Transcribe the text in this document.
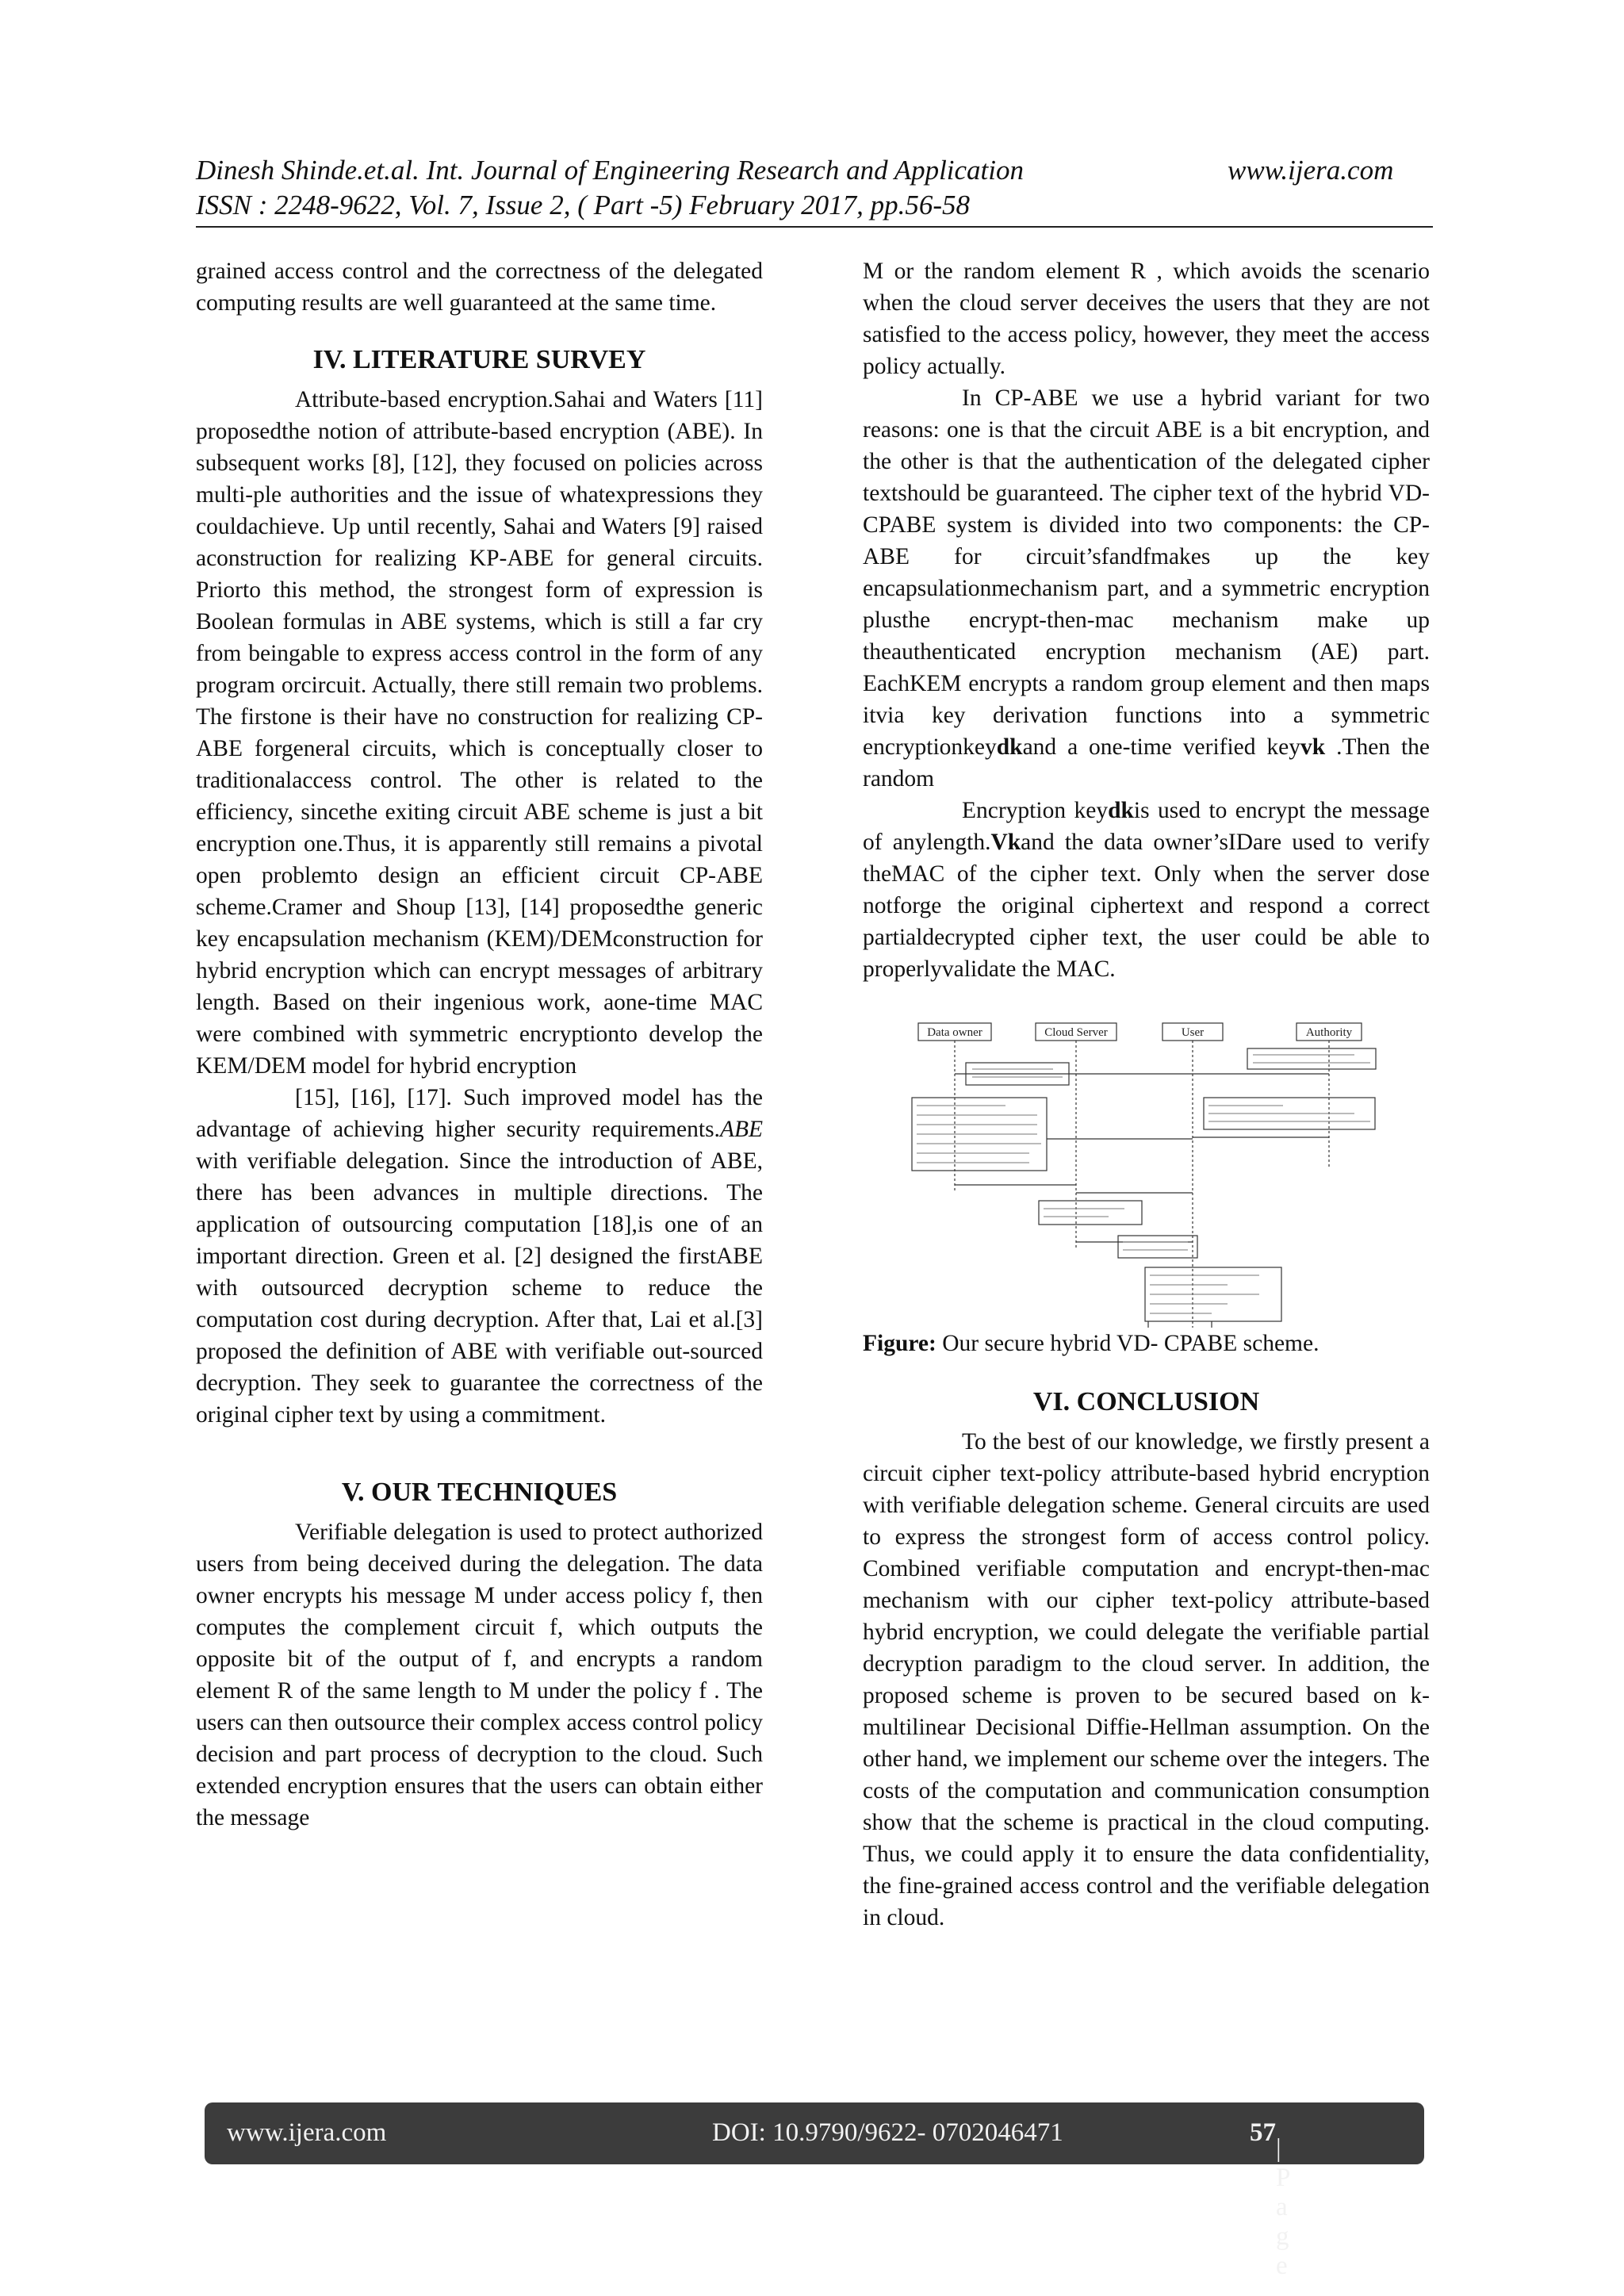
Dinesh Shinde.et.al. Int. Journal of Engineering Research and Application	www.ijera.com
ISSN : 2248-9622, Vol. 7, Issue 2, ( Part -5) February 2017, pp.56-58

grained access control and the correctness of the delegated computing results are well guaranteed at the same time.

IV. LITERATURE SURVEY

Attribute-based encryption.Sahai and Waters [11] proposedthe notion of attribute-based encryption (ABE). In subsequent works [8], [12], they focused on policies across multi-ple authorities and the issue of whatexpressions they couldachieve. Up until recently, Sahai and Waters [9] raised aconstruction for realizing KP-ABE for general circuits. Priorto this method, the strongest form of expression is Boolean formulas in ABE systems, which is still a far cry from beingable to express access control in the form of any program orcircuit. Actually, there still remain two problems. The firstone is their have no construction for realizing CP-ABE forgeneral circuits, which is conceptually closer to traditionalaccess control. The other is related to the efficiency, sincethe exiting circuit ABE scheme is just a bit encryption one.Thus, it is apparently still remains a pivotal open problemto design an efficient circuit CP-ABE scheme.Cramer and Shoup [13], [14] proposedthe generic key encapsulation mechanism (KEM)/DEMconstruction for hybrid encryption which can encrypt messages of arbitrary length. Based on their ingenious work, aone-time MAC were combined with symmetric encryptionto develop the KEM/DEM model for hybrid encryption

[15], [16], [17]. Such improved model has the advantage of achieving higher security requirements.ABE with verifiable delegation. Since the introduction of ABE, there has been advances in multiple directions. The application of outsourcing computation [18],is one of an important direction. Green et al. [2] designed the firstABE with outsourced decryption scheme to reduce the computation cost during decryption. After that, Lai et al.[3] proposed the definition of ABE with verifiable out-sourced decryption. They seek to guarantee the correctness of the original cipher text by using a commitment.

V. OUR TECHNIQUES

Verifiable delegation is used to protect authorized users from being deceived during the delegation. The data owner encrypts his message M under access policy f, then computes the complement circuit f, which outputs the opposite bit of the output of f, and encrypts a random element R of the same length to M under the policy f . The users can then outsource their complex access control policy decision and part process of decryption to the cloud. Such extended encryption ensures that the users can obtain either the message

M or the random element R , which avoids the scenario when the cloud server deceives the users that they are not satisfied to the access policy, however, they meet the access policy actually.

In CP-ABE we use a hybrid variant for two reasons: one is that the circuit ABE is a bit encryption, and the other is that the authentication of the delegated cipher textshould be guaranteed. The cipher text of the hybrid VD-CPABE system is divided into two components: the CP- ABE for circuit’sfandfmakes up the key encapsulationmechanism part, and a symmetric encryption plusthe encrypt-then-mac mechanism make up theauthenticated encryption mechanism (AE) part. EachKEM encrypts a random group element and then maps itvia key derivation functions into a symmetric encryptionkeydkand a one-time verified keyvk .Then the random

Encryption keydkis used to encrypt the message of anylength.Vkand the data owner’sIDare used to verify theMAC of the cipher text. Only when the server dose notforge the original ciphertext and respond a correct partialdecrypted cipher text, the user could be able to properlyvalidate the MAC.

Data owner	Cloud Server	User	Authority

Figure: Our secure hybrid VD- CPABE scheme.

VI. CONCLUSION

To the best of our knowledge, we firstly present a circuit cipher text-policy attribute-based hybrid encryption with verifiable delegation scheme. General circuits are used to express the strongest form of access control policy. Combined verifiable computation and encrypt-then-mac mechanism with our cipher text-policy attribute-based hybrid encryption, we could delegate the verifiable partial decryption paradigm to the cloud server. In addition, the proposed scheme is proven to be secured based on k-multilinear Decisional Diffie-Hellman assumption. On the other hand, we implement our scheme over the integers. The costs of the computation and communication consumption show that the scheme is practical in the cloud computing. Thus, we could apply it to ensure the data confidentiality, the fine-grained access control and the verifiable delegation in cloud.

www.ijera.com	DOI: 10.9790/9622- 0702046471	57
| P a g e
